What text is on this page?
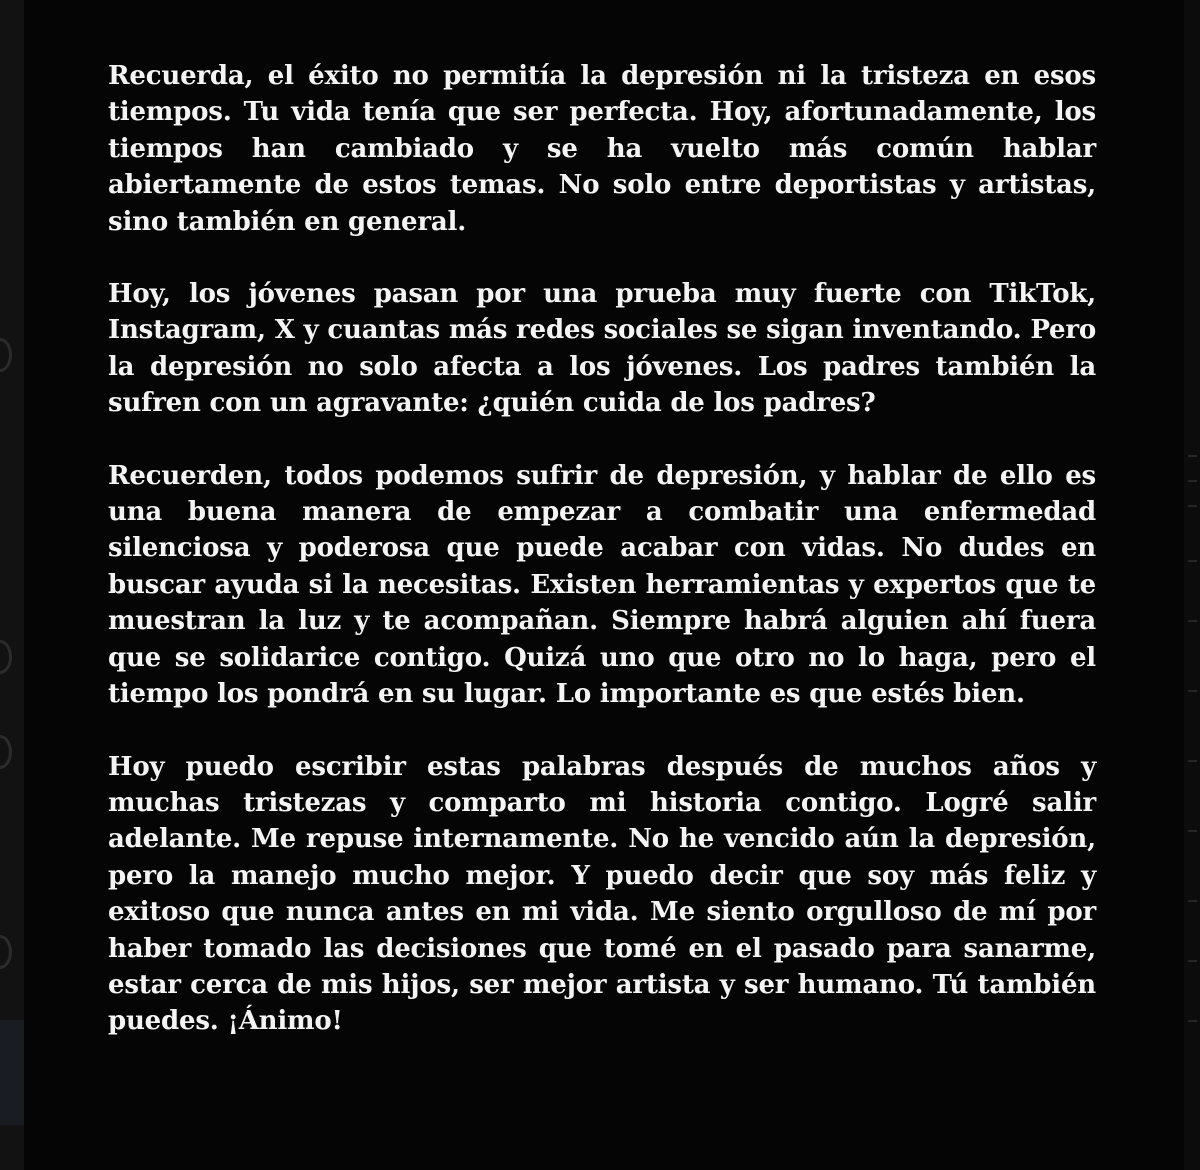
Recuerda, el éxito no permitía la depresión ni la tristeza en esos tiempos. Tu vida tenía que ser perfecta. Hoy, afortunadamente, los tiempos han cambiado y se ha vuelto más común hablar abiertamente de estos temas. No solo entre deportistas y artistas, sino también en general.

Hoy, los jóvenes pasan por una prueba muy fuerte con TikTok, Instagram, X y cuantas más redes sociales se sigan inventando. Pero la depresión no solo afecta a los jóvenes. Los padres también la sufren con un agravante: ¿quién cuida de los padres?

Recuerden, todos podemos sufrir de depresión, y hablar de ello es una buena manera de empezar a combatir una enfermedad silenciosa y poderosa que puede acabar con vidas. No dudes en buscar ayuda si la necesitas. Existen herramientas y expertos que te muestran la luz y te acompañan. Siempre habrá alguien ahí fuera que se solidarice contigo. Quizá uno que otro no lo haga, pero el tiempo los pondrá en su lugar. Lo importante es que estés bien.

Hoy puedo escribir estas palabras después de muchos años y muchas tristezas y comparto mi historia contigo. Logré salir adelante. Me repuse internamente. No he vencido aún la depresión, pero la manejo mucho mejor. Y puedo decir que soy más feliz y exitoso que nunca antes en mi vida. Me siento orgulloso de mí por haber tomado las decisiones que tomé en el pasado para sanarme, estar cerca de mis hijos, ser mejor artista y ser humano. Tú también puedes. ¡Ánimo!
